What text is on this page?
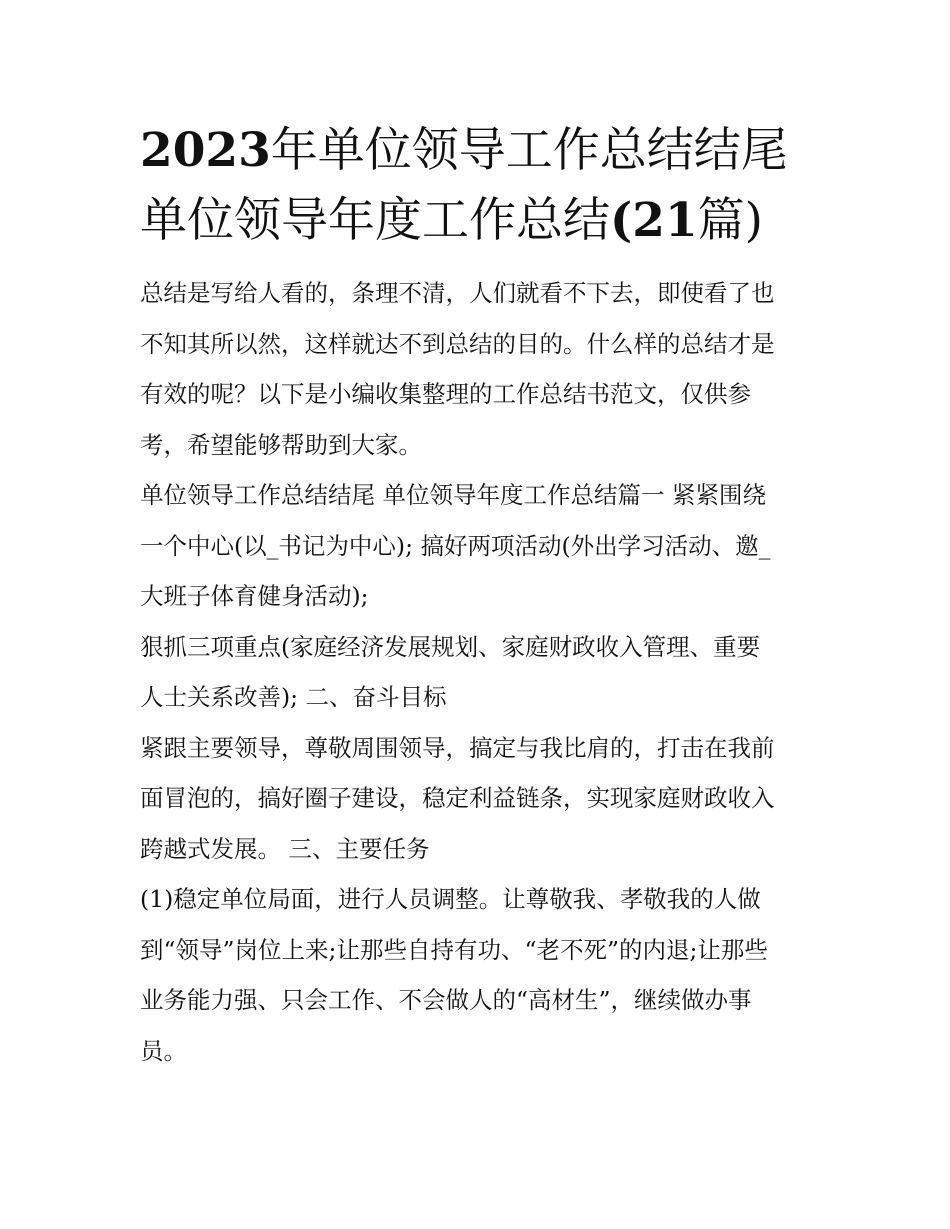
2023年单位领导工作总结结尾
单位领导年度工作总结(21篇)

总结是写给人看的，条理不清，人们就看不下去，即使看了也
不知其所以然，这样就达不到总结的目的。什么样的总结才是
有效的呢？以下是小编收集整理的工作总结书范文，仅供参
考，希望能够帮助到大家。

单位领导工作总结结尾 单位领导年度工作总结篇一 紧紧围绕
一个中心(以_书记为中心); 搞好两项活动(外出学习活动、邀_
大班子体育健身活动);

狠抓三项重点(家庭经济发展规划、家庭财政收入管理、重要
人士关系改善); 二、奋斗目标

紧跟主要领导，尊敬周围领导，搞定与我比肩的，打击在我前
面冒泡的，搞好圈子建设，稳定利益链条，实现家庭财政收入
跨越式发展。 三、主要任务

(1)稳定单位局面，进行人员调整。让尊敬我、孝敬我的人做
到“领导”岗位上来;让那些自持有功、“老不死”的内退;让那些
业务能力强、只会工作、不会做人的“高材生”，继续做办事
员。
